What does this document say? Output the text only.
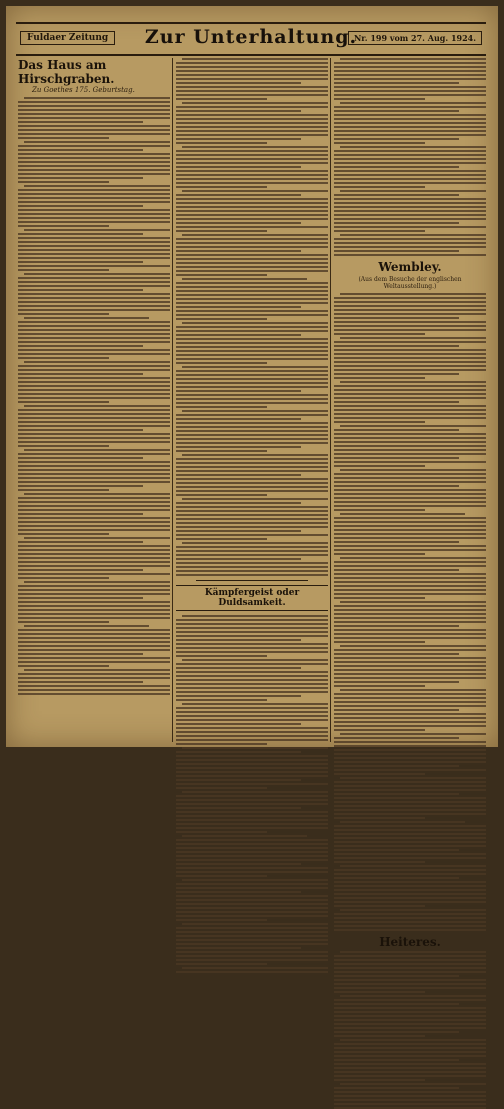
Fuldaer Zeitung	Zur Unterhaltung.
Nr. 199 vom 27. Aug. 1924.
Das Haus am Hirschgraben.
Zu Goethes 175. Geburtstag.
Kämpfergeist oder Duldsamkeit.
Wembley.
(Aus dem Besuche der englischen Weltausstellung.)
Heiteres.
